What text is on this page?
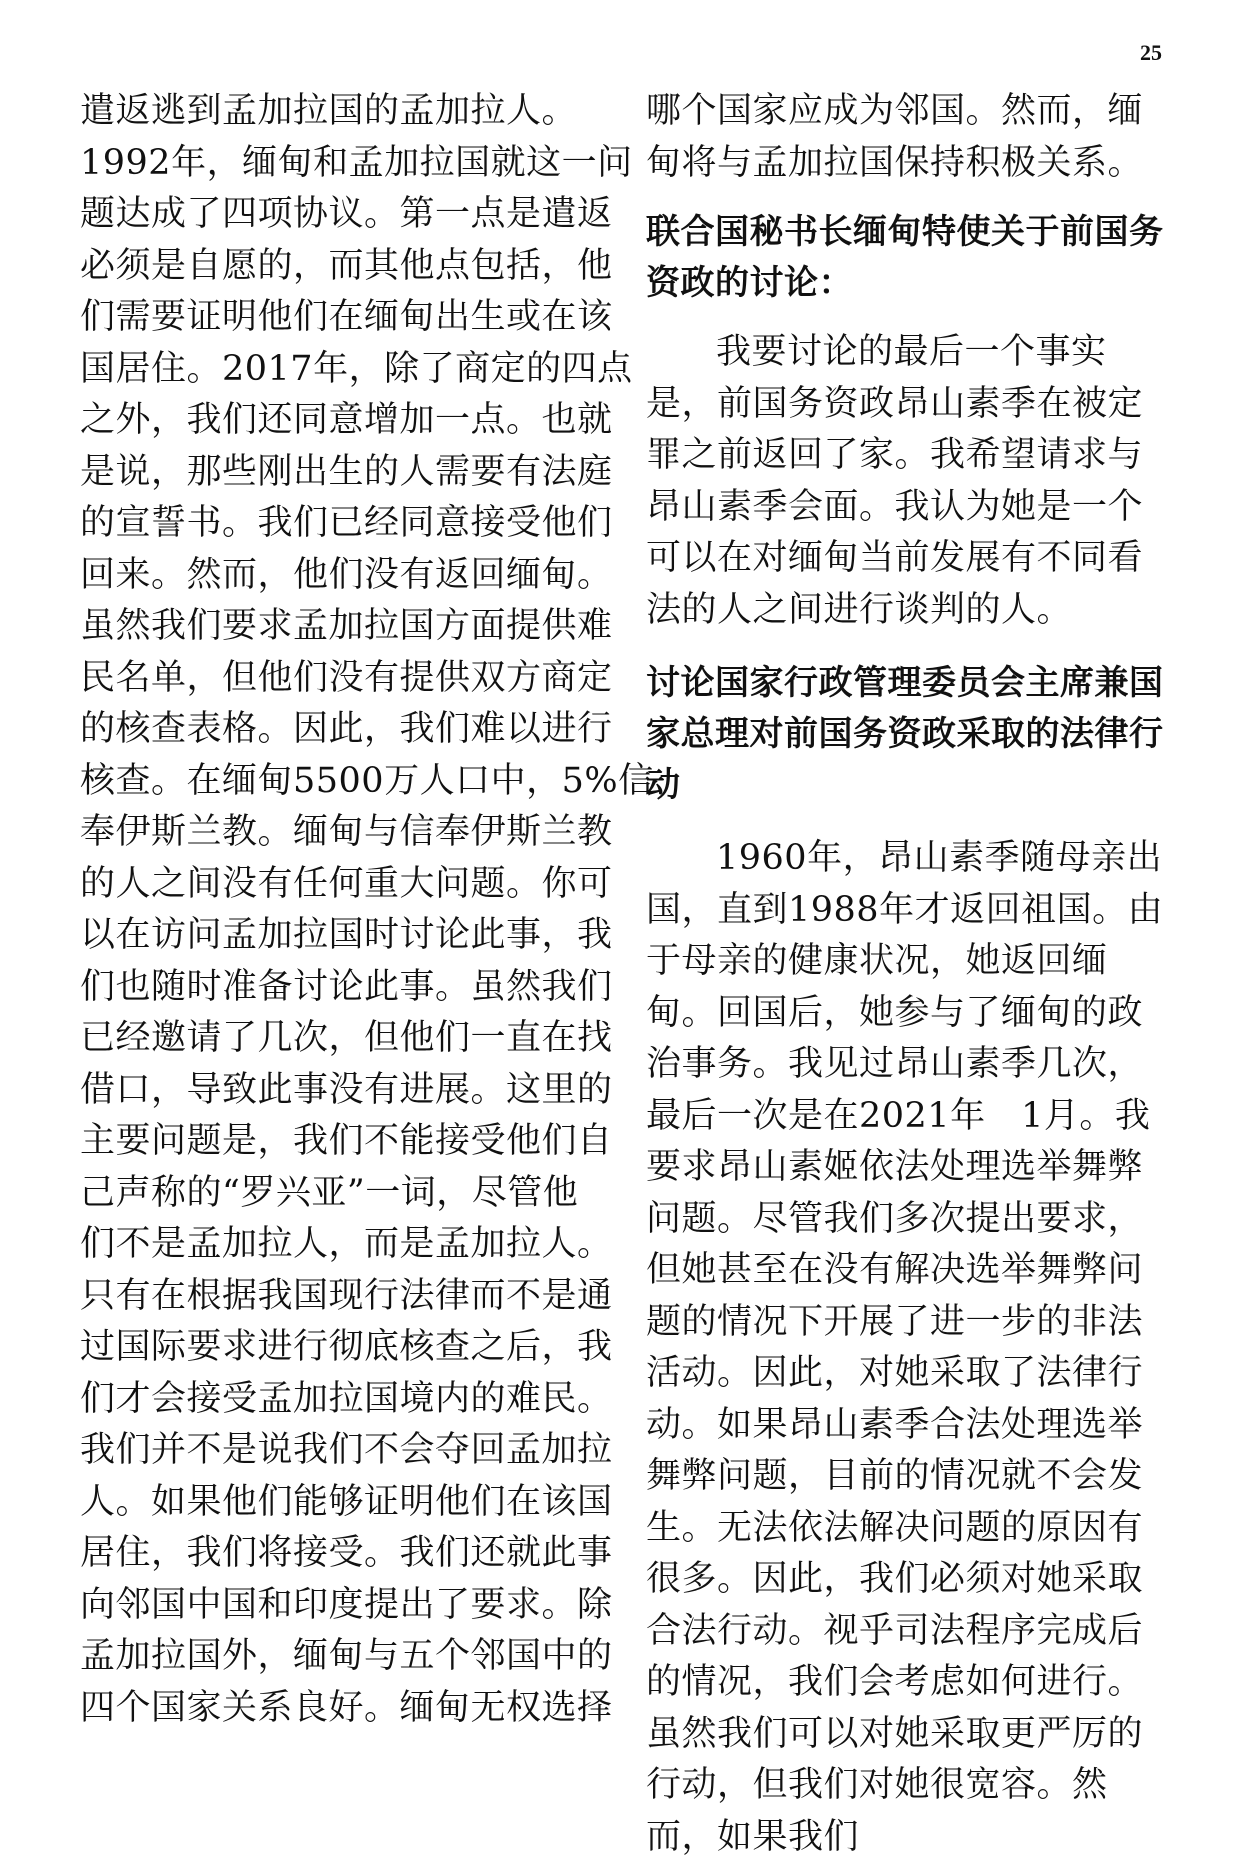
25

遣返逃到孟加拉国的孟加拉人。
1992年，缅甸和孟加拉国就这一问
题达成了四项协议。第一点是遣返
必须是自愿的，而其他点包括，他
们需要证明他们在缅甸出生或在该
国居住。2017年，除了商定的四点
之外，我们还同意增加一点。也就
是说，那些刚出生的人需要有法庭
的宣誓书。我们已经同意接受他们
回来。然而，他们没有返回缅甸。
虽然我们要求孟加拉国方面提供难
民名单，但他们没有提供双方商定
的核查表格。因此，我们难以进行
核查。在缅甸5500万人口中，5%信
奉伊斯兰教。缅甸与信奉伊斯兰教
的人之间没有任何重大问题。你可
以在访问孟加拉国时讨论此事，我
们也随时准备讨论此事。虽然我们
已经邀请了几次，但他们一直在找
借口，导致此事没有进展。这里的
主要问题是，我们不能接受他们自
己声称的“罗兴亚”一词，尽管他
们不是孟加拉人，而是孟加拉人。
只有在根据我国现行法律而不是通
过国际要求进行彻底核查之后，我
们才会接受孟加拉国境内的难民。
我们并不是说我们不会夺回孟加拉
人。如果他们能够证明他们在该国
居住，我们将接受。我们还就此事
向邻国中国和印度提出了要求。除
孟加拉国外，缅甸与五个邻国中的
四个国家关系良好。缅甸无权选择

哪个国家应成为邻国。然而，缅甸将与孟加拉国保持积极关系。

联合国秘书长缅甸特使关于前国务资政的讨论：

我要讨论的最后一个事实是，前国务资政昂山素季在被定罪之前返回了家。我希望请求与昂山素季会面。我认为她是一个可以在对缅甸当前发展有不同看法的人之间进行谈判的人。

讨论国家行政管理委员会主席兼国家总理对前国务资政采取的法律行动

1960年，昂山素季随母亲出国，直到1988年才返回祖国。由于母亲的健康状况，她返回缅甸。回国后，她参与了缅甸的政治事务。我见过昂山素季几次，最后一次是在2021年　1月。我要求昂山素姬依法处理选举舞弊问题。尽管我们多次提出要求，但她甚至在没有解决选举舞弊问题的情况下开展了进一步的非法活动。因此，对她采取了法律行动。如果昂山素季合法处理选举舞弊问题，目前的情况就不会发生。无法依法解决问题的原因有很多。因此，我们必须对她采取合法行动。视乎司法程序完成后的情况，我们会考虑如何进行。虽然我们可以对她采取更严厉的行动，但我们对她很宽容。然而，如果我们
